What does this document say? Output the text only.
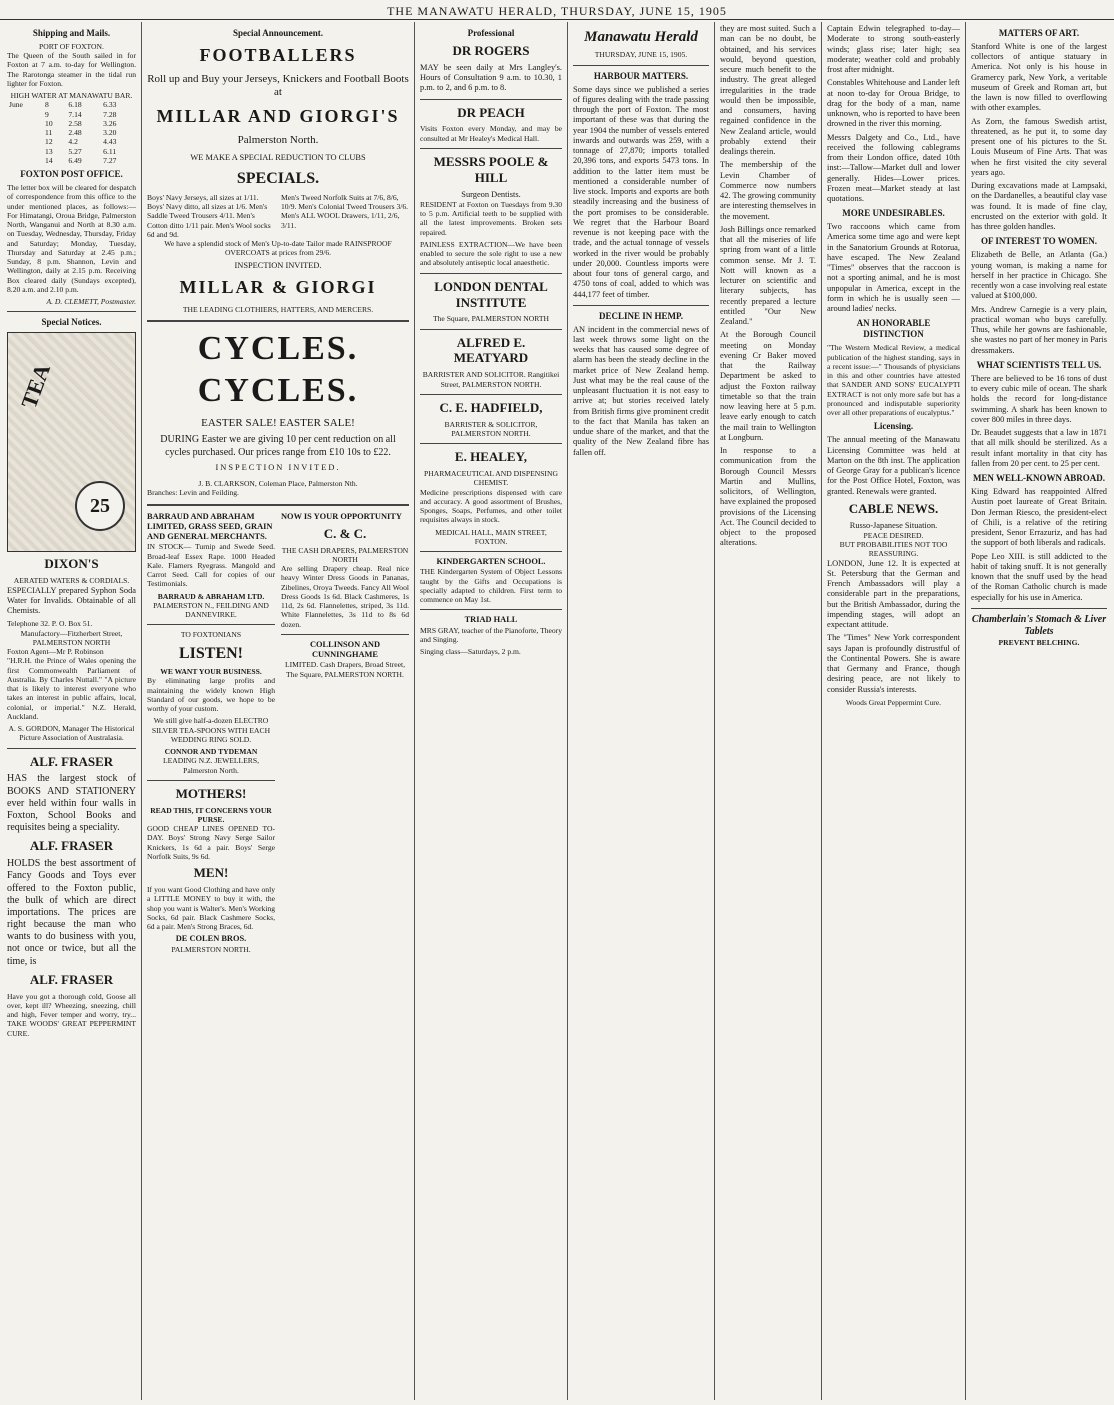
THE MANAWATU HERALD, THURSDAY, JUNE 15, 1905
Shipping and Mails.
PORT OF FOXTON.

The Queen of the South sailed in for Foxton at 7 a.m. to-day for Wellington. The Rarotonga steamer in the tidal run lighter for Foxton.

HIGH WATER AT MANAWATU BAR.
June	8	6.18	6.33
	9	7.14	7.28
	10	2.58	3.26
	11	2.48	3.20
	12	4.2	4.43
	13	5.27	6.11
	14	6.49	7.27
FOXTON POST OFFICE.

The letter box will be cleared for despatch of correspondence from this office to the under mentioned places, as follows:— For Himatangi, Oroua Bridge, Palmerston North, Wanganui and North at 8.30 a.m. on Tuesday, Wednesday, Thursday, Friday and Saturday; Monday, Tuesday, Thursday and Saturday at 2.45 p.m.; Sunday, 8 p.m. Shannon, Levin and Wellington, daily at 2.15 p.m. Receiving Box cleared daily (Sundays excepted), 8.20 a.m. and 2.10 p.m.

A. D. CLEMETT, Postmaster.
Special Notices.
TEA
25
DIXON'S
AERATED WATERS & CORDIALS.

ESPECIALLY prepared Syphon Soda Water for Invalids. Obtainable of all Chemists.

Telephone 32. P. O. Box 51.
Manufactory—Fitzherbert Street, PALMERSTON NORTH
Foxton Agent—Mr P. Robinson

"H.R.H. the Prince of Wales opening the first Commonwealth Parliament of Australia. By Charles Nuttall." "A picture that is likely to interest everyone who takes an interest in public affairs, local, colonial, or imperial." N.Z. Herald, Auckland.

A. S. GORDON, Manager The Historical Picture Association of Australasia.
ALF. FRASER

HAS the largest stock of BOOKS AND STATIONERY ever held within four walls in Foxton, School Books and requisites being a speciality.

ALF. FRASER

HOLDS the best assortment of Fancy Goods and Toys ever offered to the Foxton public, the bulk of which are direct importations. The prices are right because the man who wants to do business with you, not once or twice, but all the time, is

ALF. FRASER

Have you got a thorough cold, Goose all over, kept ill? Wheezing, sneezing, chill and high, Fever temper and worry, try... TAKE WOODS' GREAT PEPPERMINT CURE.

Special Announcement.
FOOTBALLERS
Roll up and Buy your Jerseys, Knickers and Football Boots at
MILLAR AND GIORGI'S
Palmerston North.
WE MAKE A SPECIAL REDUCTION TO CLUBS
SPECIALS.
Boys' Navy Jerseys, all sizes at 1/11. Boys' Navy ditto, all sizes at 1/6. Men's Saddle Tweed Trousers 4/11. Men's Cotton ditto 1/11 pair. Men's Wool socks 6d and 9d.
Men's Tweed Norfolk Suits at 7/6, 8/6, 10/9. Men's Colonial Tweed Trousers 3/6. Men's ALL WOOL Drawers, 1/11, 2/6, 3/11.

We have a splendid stock of Men's Up-to-date Tailor made RAINSPROOF OVERCOATS at prices from 29/6.

INSPECTION INVITED.
MILLAR & GIORGI
THE LEADING CLOTHIERS, HATTERS, AND MERCERS.
CYCLES. CYCLES.
EASTER SALE! EASTER SALE!

DURING Easter we are giving 10 per cent reduction on all cycles purchased. Our prices range from £10 10s to £22.

INSPECTION INVITED.
J. B. CLARKSON, Coleman Place, Palmerston Nth.
Branches: Levin and Feilding.
BARRAUD AND ABRAHAM LIMITED, GRASS SEED, GRAIN AND GENERAL MERCHANTS.

IN STOCK— Turnip and Swede Seed. Broad-leaf Essex Rape. 1000 Headed Kale. Flamers Ryegrass. Mangold and Carrot Seed. Call for copies of our Testimonials.

BARRAUD & ABRAHAM LTD.
PALMERSTON N., FEILDING AND DANNEVIRKE.
TO FOXTONIANS
LISTEN!
WE WANT YOUR BUSINESS.

By eliminating large profits and maintaining the widely known High Standard of our goods, we hope to be worthy of your custom.

We still give half-a-dozen ELECTRO SILVER TEA-SPOONS WITH EACH WEDDING RING SOLD.

CONNOR AND TYDEMAN
LEADING N.Z. JEWELLERS, Palmerston North.
MOTHERS!
READ THIS, IT CONCERNS YOUR PURSE.

GOOD CHEAP LINES OPENED TO-DAY. Boys' Strong Navy Serge Sailor Knickers, 1s 6d a pair. Boys' Serge Norfolk Suits, 9s 6d.

MEN!

If you want Good Clothing and have only a LITTLE MONEY to buy it with, the shop you want is Walter's. Men's Working Socks, 6d pair. Black Cashmere Socks, 6d a pair. Men's Strong Braces, 6d.

DE COLEN BROS.
PALMERSTON NORTH.
NOW IS YOUR OPPORTUNITY
C. & C.
THE CASH DRAPERS, PALMERSTON NORTH

Are selling Drapery cheap. Real nice heavy Winter Dress Goods in Pananas, Zibelines, Oroya Tweeds. Fancy All Wool Dress Goods 1s 6d. Black Cashmeres, 1s 11d, 2s 6d. Flannelettes, striped, 3s 11d. White Flannelettes, 3s 11d to 8s 6d dozen.

COLLINSON AND CUNNINGHAME

LIMITED. Cash Drapers, Broad Street, The Square, PALMERSTON NORTH.

Professional
DR ROGERS

MAY be seen daily at Mrs Langley's. Hours of Consultation 9 a.m. to 10.30, 1 p.m. to 2, and 6 p.m. to 8.

DR PEACH

Visits Foxton every Monday, and may be consulted at Mr Healey's Medical Hall.

MESSRS POOLE & HILL
Surgeon Dentists.

RESIDENT at Foxton on Tuesdays from 9.30 to 5 p.m. Artificial teeth to be supplied with all the latest improvements. Broken sets repaired.

PAINLESS EXTRACTION—We have been enabled to secure the sole right to use a new and absolutely antiseptic local anaesthetic.

LONDON DENTAL INSTITUTE
The Square, PALMERSTON NORTH
ALFRED E. MEATYARD
BARRISTER AND SOLICITOR. Rangitikei Street, PALMERSTON NORTH.
C. E. HADFIELD,
BARRISTER & SOLICITOR, PALMERSTON NORTH.
E. HEALEY,
PHARMACEUTICAL AND DISPENSING CHEMIST.

Medicine prescriptions dispensed with care and accuracy. A good assortment of Brushes, Sponges, Soaps, Perfumes, and other toilet requisites always in stock.

MEDICAL HALL, MAIN STREET, FOXTON.
KINDERGARTEN SCHOOL.

THE Kindergarten System of Object Lessons taught by the Gifts and Occupations is specially adapted to children. First term to commence on May 1st.

TRIAD HALL

MRS GRAY, teacher of the Pianoforte, Theory and Singing.

Singing class—Saturdays, 2 p.m.
Manawatu Herald
THURSDAY, JUNE 15, 1905.
HARBOUR MATTERS.

Some days since we published a series of figures dealing with the trade passing through the port of Foxton. The most important of these was that during the year 1904 the number of vessels entered inwards and outwards was 259, with a tonnage of 27,870; imports totalled 20,396 tons, and exports 5473 tons. In addition to the latter item must be mentioned a considerable number of live stock. Imports and exports are both steadily increasing and the business of the port promises to be considerable. We regret that the Harbour Board revenue is not keeping pace with the trade, and the actual tonnage of vessels worked in the river would be probably under 20,000. Countless imports were about four tons of general cargo, and 4750 tons of coal, added to which was 444,177 feet of timber.

DECLINE IN HEMP.

AN incident in the commercial news of last week throws some light on the weeks that has caused some degree of alarm has been the steady decline in the market price of New Zealand hemp. Just what may be the real cause of the unpleasant fluctuation it is not easy to arrive at; but stories received lately from British firms give prominent credit to the fact that Manila has taken an undue share of the market, and that the quality of the New Zealand fibre has fallen off.

they are most suited. Such a man can be no doubt, be obtained, and his services would, beyond question, secure much benefit to the industry. The great alleged irregularities in the trade would then be impossible, and consumers, having regained confidence in the New Zealand article, would probably extend their dealings therein.

The membership of the Levin Chamber of Commerce now numbers 42. The growing community are interesting themselves in the movement.

Josh Billings once remarked that all the miseries of life spring from want of a little common sense. Mr J. T. Nott will known as a lecturer on scientific and literary subjects, has recently prepared a lecture entitled "Our New Zealand."

At the Borough Council meeting on Monday evening Cr Baker moved that the Railway Department be asked to adjust the Foxton railway timetable so that the train now leaving here at 5 p.m. leave early enough to catch the mail train to Wellington at Longburn.

In response to a communication from the Borough Council Messrs Martin and Mullins, solicitors, of Wellington, have explained the proposed provisions of the Licensing Act. The Council decided to object to the proposed alterations.

Captain Edwin telegraphed to-day—Moderate to strong south-easterly winds; glass rise; later high; sea moderate; weather cold and probably frost after midnight.

Constables Whitehouse and Lander left at noon to-day for Oroua Bridge, to drag for the body of a man, name unknown, who is reported to have been drowned in the river this morning.

Messrs Dalgety and Co., Ltd., have received the following cablegrams from their London office, dated 10th inst:—Tallow—Market dull and lower generally. Hides—Lower prices. Frozen meat—Market steady at last quotations.

MORE UNDESIRABLES.

Two raccoons which came from America some time ago and were kept in the Sanatorium Grounds at Rotorua, have escaped. The New Zealand "Times" observes that the raccoon is not a sporting animal, and he is most unpopular in America, except in the form in which he is usually seen — around ladies' necks.

AN HONORABLE DISTINCTION

"The Western Medical Review, a medical publication of the highest standing, says in a recent issue:—" Thousands of physicians in this and other countries have attested that SANDER AND SONS' EUCALYPTI EXTRACT is not only more safe but has a pronounced and indisputable superiority over all other preparations of eucalyptus."

Licensing.

The annual meeting of the Manawatu Licensing Committee was held at Marton on the 8th inst. The application of George Gray for a publican's licence for the Post Office Hotel, Foxton, was granted. Renewals were granted.

CABLE NEWS.
Russo-Japanese Situation.
PEACE DESIRED.
BUT PROBABILITIES NOT TOO REASSURING.

LONDON, June 12. It is expected at St. Petersburg that the German and French Ambassadors will play a considerable part in the preparations, but the British Ambassador, during the impending stages, will adopt an expectant attitude.

The "Times" New York correspondent says Japan is profoundly distrustful of the Continental Powers. She is aware that Germany and France, though desiring peace, are not likely to consider Russia's interests.

Woods Great Peppermint Cure.
MATTERS OF ART.

Stanford White is one of the largest collectors of antique statuary in America. Not only is his house in Gramercy park, New York, a veritable museum of Greek and Roman art, but the lawn is now filled to overflowing with other examples.

As Zorn, the famous Swedish artist, threatened, as he put it, to some day present one of his pictures to the St. Louis Museum of Fine Arts. That was when he first visited the city several years ago.

During excavations made at Lampsaki, on the Dardanelles, a beautiful clay vase was found. It is made of fine clay, encrusted on the exterior with gold. It has three golden handles.

OF INTEREST TO WOMEN.

Elizabeth de Belle, an Atlanta (Ga.) young woman, is making a name for herself in her practice in Chicago. She recently won a case involving real estate valued at $100,000.

Mrs. Andrew Carnegie is a very plain, practical woman who buys carefully. Thus, while her gowns are fashionable, she wastes no part of her money in Paris dressmakers.

WHAT SCIENTISTS TELL US.

There are believed to be 16 tons of dust to every cubic mile of ocean. The shark holds the record for long-distance swimming. A shark has been known to cover 800 miles in three days.

Dr. Beaudet suggests that a law in 1871 that all milk should be sterilized. As a result infant mortality in that city has fallen from 20 per cent. to 25 per cent.

MEN WELL-KNOWN ABROAD.

King Edward has reappointed Alfred Austin poet laureate of Great Britain. Don Jerman Riesco, the president-elect of Chili, is a relative of the retiring president, Senor Errazuriz, and has had the support of both liberals and radicals.

Pope Leo XIII. is still addicted to the habit of taking snuff. It is not generally known that the snuff used by the head of the Roman Catholic church is made especially for his use in America.

Chamberlain's Stomach & Liver Tablets
PREVENT BELCHING.
